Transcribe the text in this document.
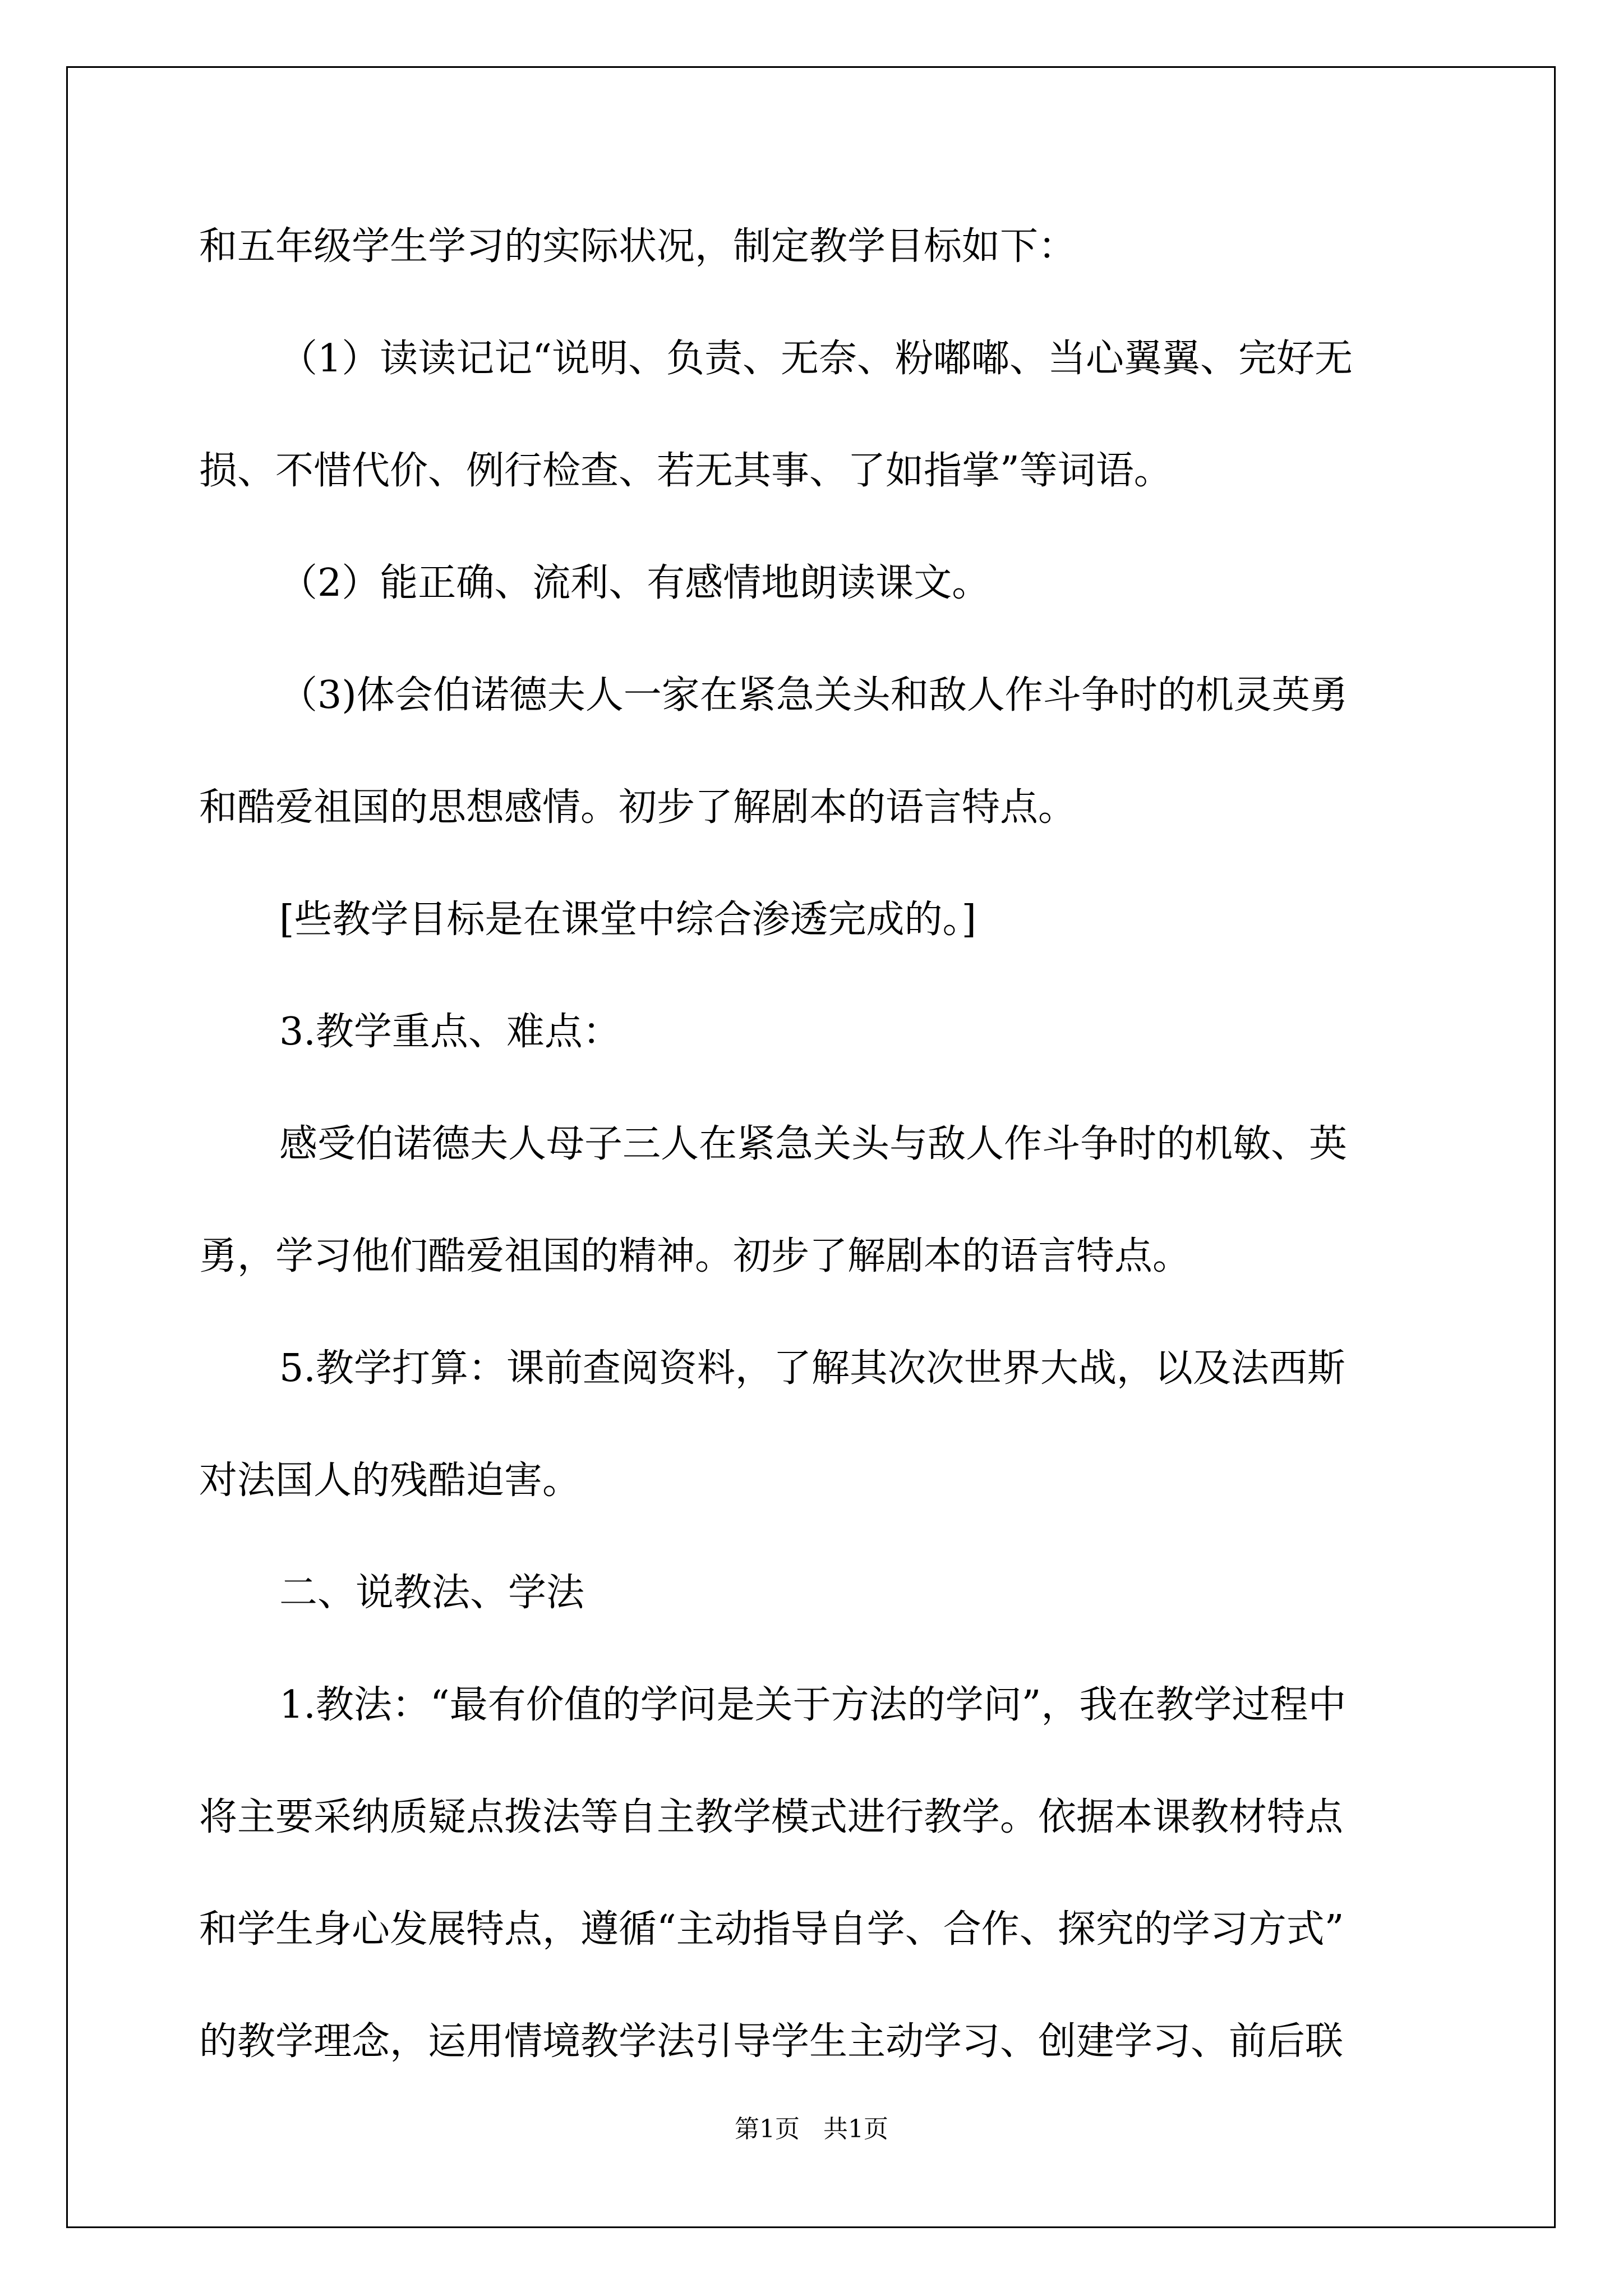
和五年级学生学习的实际状况，制定教学目标如下：

（1）读读记记“说明、负责、无奈、粉嘟嘟、当心翼翼、完好无

损、不惜代价、例行检查、若无其事、了如指掌”等词语。

（2）能正确、流利、有感情地朗读课文。

（3)体会伯诺德夫人一家在紧急关头和敌人作斗争时的机灵英勇

和酷爱祖国的思想感情。初步了解剧本的语言特点。

[些教学目标是在课堂中综合渗透完成的。]

3.教学重点、难点：

感受伯诺德夫人母子三人在紧急关头与敌人作斗争时的机敏、英

勇，学习他们酷爱祖国的精神。初步了解剧本的语言特点。

5.教学打算：课前查阅资料，了解其次次世界大战，以及法西斯

对法国人的残酷迫害。

二、说教法、学法

1.教法：“最有价值的学问是关于方法的学问”，我在教学过程中

将主要采纳质疑点拨法等自主教学模式进行教学。依据本课教材特点

和学生身心发展特点，遵循“主动指导自学、合作、探究的学习方式”

的教学理念，运用情境教学法引导学生主动学习、创建学习、前后联

第1页   共1页
